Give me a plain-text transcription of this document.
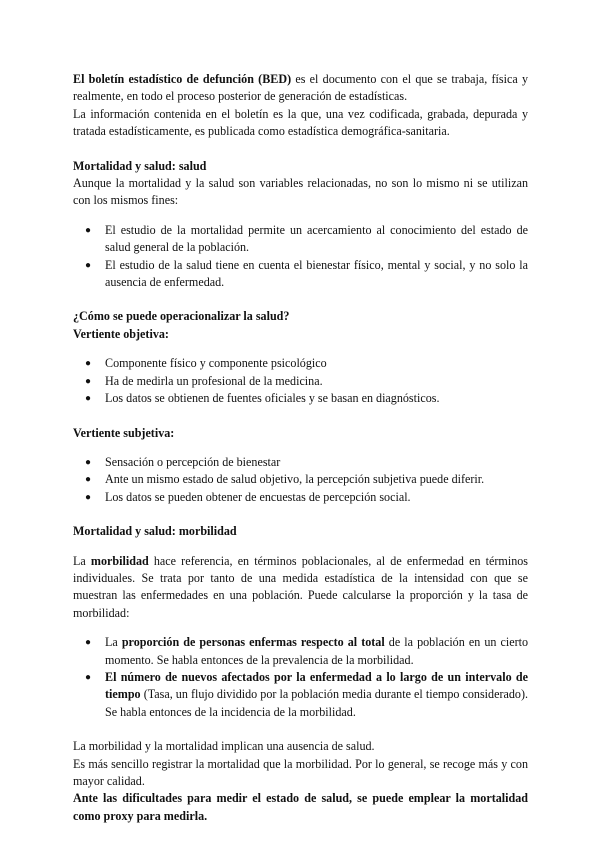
El boletín estadístico de defunción (BED) es el documento con el que se trabaja, física y realmente, en todo el proceso posterior de generación de estadísticas.

La información contenida en el boletín es la que, una vez codificada, grabada, depurada y tratada estadísticamente, es publicada como estadística demográfica-sanitaria.

Mortalidad y salud: salud

Aunque la mortalidad y la salud son variables relacionadas, no son lo mismo ni se utilizan con los mismos fines:

● El estudio de la mortalidad permite un acercamiento al conocimiento del estado de salud general de la población.
● El estudio de la salud tiene en cuenta el bienestar físico, mental y social, y no solo la ausencia de enfermedad.
¿Cómo se puede operacionalizar la salud?
Vertiente objetiva:
● Componente físico y componente psicológico
● Ha de medirla un profesional de la medicina.
● Los datos se obtienen de fuentes oficiales y se basan en diagnósticos.
Vertiente subjetiva:
● Sensación o percepción de bienestar
● Ante un mismo estado de salud objetivo, la percepción subjetiva puede diferir.
● Los datos se pueden obtener de encuestas de percepción social.
Mortalidad y salud: morbilidad

La morbilidad hace referencia, en términos poblacionales, al de enfermedad en términos individuales. Se trata por tanto de una medida estadística de la intensidad con que se muestran las enfermedades en una población. Puede calcularse la proporción y la tasa de morbilidad:

● La proporción de personas enfermas respecto al total de la población en un cierto momento. Se habla entonces de la prevalencia de la morbilidad.
● El número de nuevos afectados por la enfermedad a lo largo de un intervalo de tiempo (Tasa, un flujo dividido por la población media durante el tiempo considerado). Se habla entonces de la incidencia de la morbilidad.

La morbilidad y la mortalidad implican una ausencia de salud.

Es más sencillo registrar la mortalidad que la morbilidad. Por lo general, se recoge más y con mayor calidad.

Ante las dificultades para medir el estado de salud, se puede emplear la mortalidad como proxy para medirla.
